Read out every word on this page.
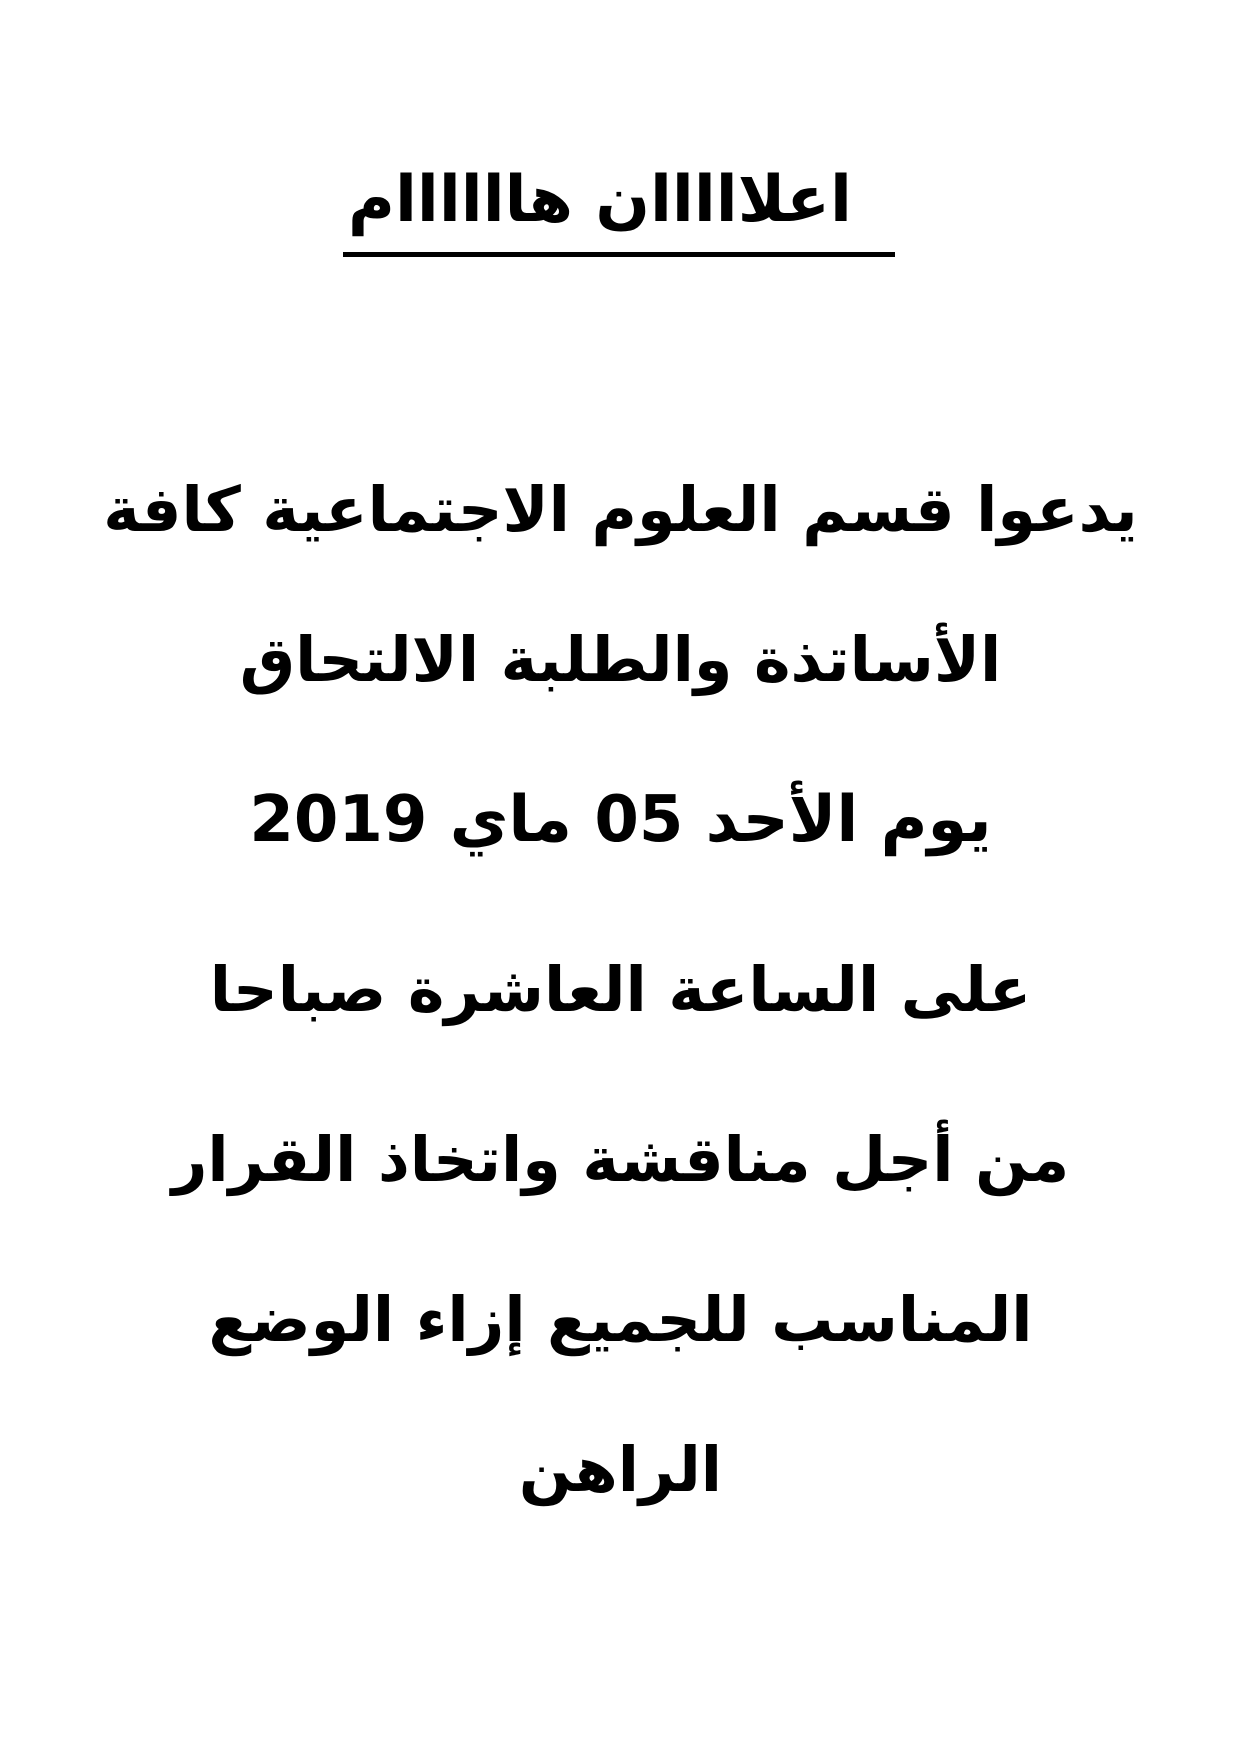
اعلااااان هاااااام
يدعوا قسم العلوم الاجتماعية كافة
الأساتذة والطلبة الالتحاق
يوم الأحد 05 ماي 2019
على الساعة العاشرة صباحا
من أجل مناقشة واتخاذ القرار
المناسب للجميع إزاء الوضع
الراهن
